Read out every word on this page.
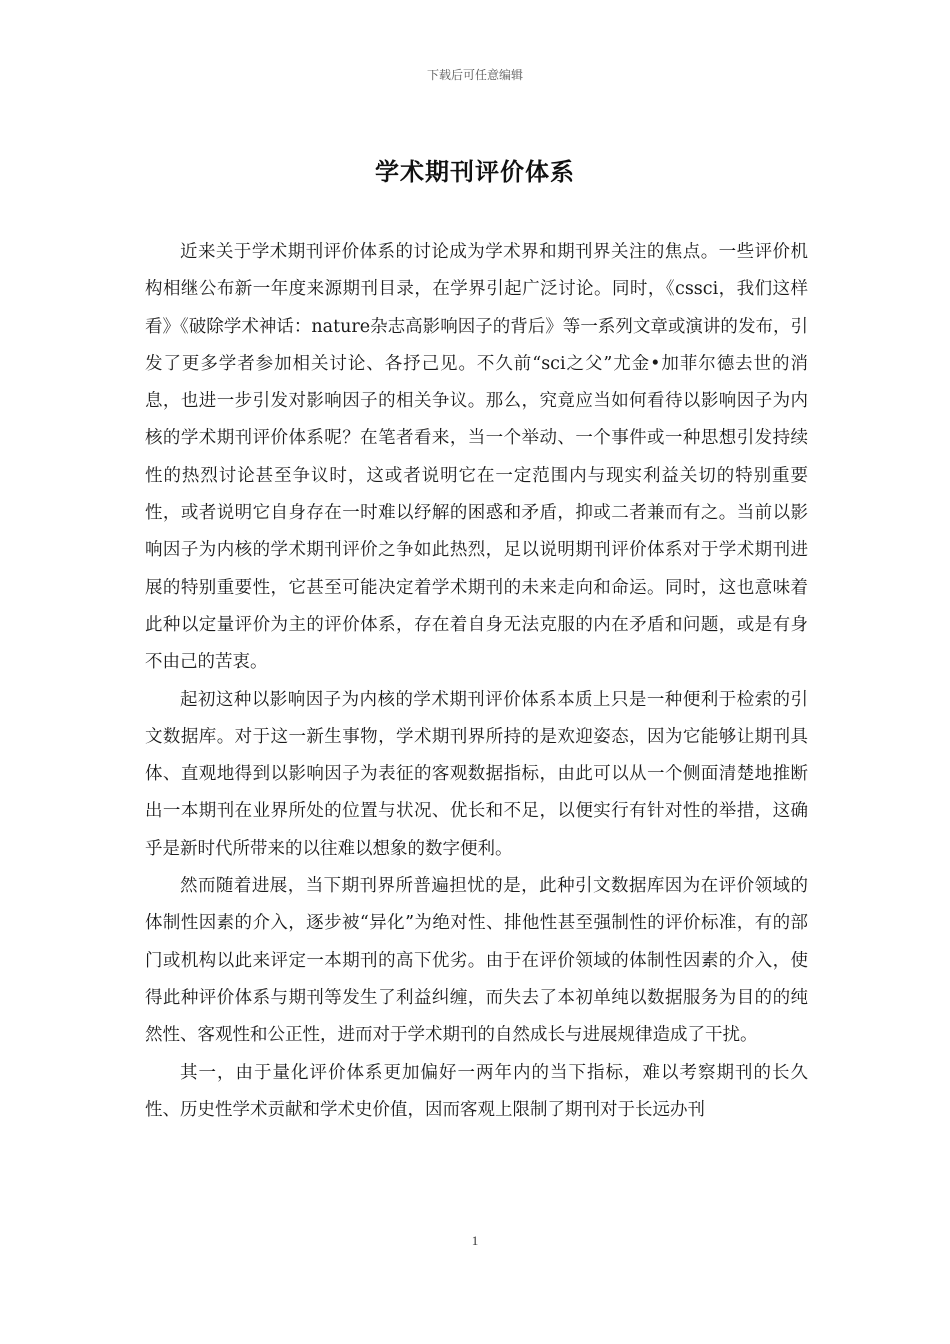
下载后可任意编辑
学术期刊评价体系

近来关于学术期刊评价体系的讨论成为学术界和期刊界关注的焦点。一些评价机构相继公布新一年度来源期刊目录，在学界引起广泛讨论。同时，《cssci，我们这样看》《破除学术神话：nature杂志高影响因子的背后》等一系列文章或演讲的发布，引发了更多学者参加相关讨论、各抒己见。不久前“sci之父”尤金•加菲尔德去世的消息，也进一步引发对影响因子的相关争议。那么，究竟应当如何看待以影响因子为内核的学术期刊评价体系呢？在笔者看来，当一个举动、一个事件或一种思想引发持续性的热烈讨论甚至争议时，这或者说明它在一定范围内与现实利益关切的特别重要性，或者说明它自身存在一时难以纾解的困惑和矛盾，抑或二者兼而有之。当前以影响因子为内核的学术期刊评价之争如此热烈，足以说明期刊评价体系对于学术期刊进展的特别重要性，它甚至可能决定着学术期刊的未来走向和命运。同时，这也意味着此种以定量评价为主的评价体系，存在着自身无法克服的内在矛盾和问题，或是有身不由己的苦衷。

起初这种以影响因子为内核的学术期刊评价体系本质上只是一种便利于检索的引文数据库。对于这一新生事物，学术期刊界所持的是欢迎姿态，因为它能够让期刊具体、直观地得到以影响因子为表征的客观数据指标，由此可以从一个侧面清楚地推断出一本期刊在业界所处的位置与状况、优长和不足，以便实行有针对性的举措，这确乎是新时代所带来的以往难以想象的数字便利。

然而随着进展，当下期刊界所普遍担忧的是，此种引文数据库因为在评价领域的体制性因素的介入，逐步被“异化”为绝对性、排他性甚至强制性的评价标准，有的部门或机构以此来评定一本期刊的高下优劣。由于在评价领域的体制性因素的介入，使得此种评价体系与期刊等发生了利益纠缠，而失去了本初单纯以数据服务为目的的纯然性、客观性和公正性，进而对于学术期刊的自然成长与进展规律造成了干扰。

其一，由于量化评价体系更加偏好一两年内的当下指标，难以考察期刊的长久性、历史性学术贡献和学术史价值，因而客观上限制了期刊对于长远办刊

1
